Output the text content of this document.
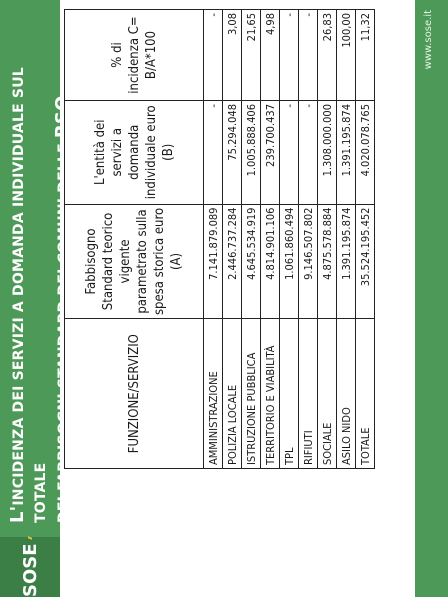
SOSE
L'INCIDENZA DEI SERVIZI A DOMANDA INDIVIDUALE SUL TOTALE DEI FABBISOGNI STANDARD DEI COMUNI DELLE RSO
FUNZIONE/SERVIZIO	Fabbisogno Standard teorico vigente parametrato sulla spesa storica euro (A)	L'entità dei servizi a domanda individuale euro (B)	% di incidenza C= B/A*100
AMMINISTRAZIONE	7.141.879.089	-	-
POLIZIA LOCALE	2.446.737.284	75.294.048	3,08
ISTRUZIONE PUBBLICA	4.645.534.919	1.005.888.406	21,65
TERRITORIO E VIABILITÀ	4.814.901.106	239.700.437	4,98
TPL	1.061.860.494	-	-
RIFIUTI	9.146.507.802	-	-
SOCIALE	4.875.578.884	1.308.000.000	26,83
ASILO NIDO	1.391.195.874	1.391.195.874	100,00
TOTALE	35.524.195.452	4.020.078.765	11,32	www.sose.it
